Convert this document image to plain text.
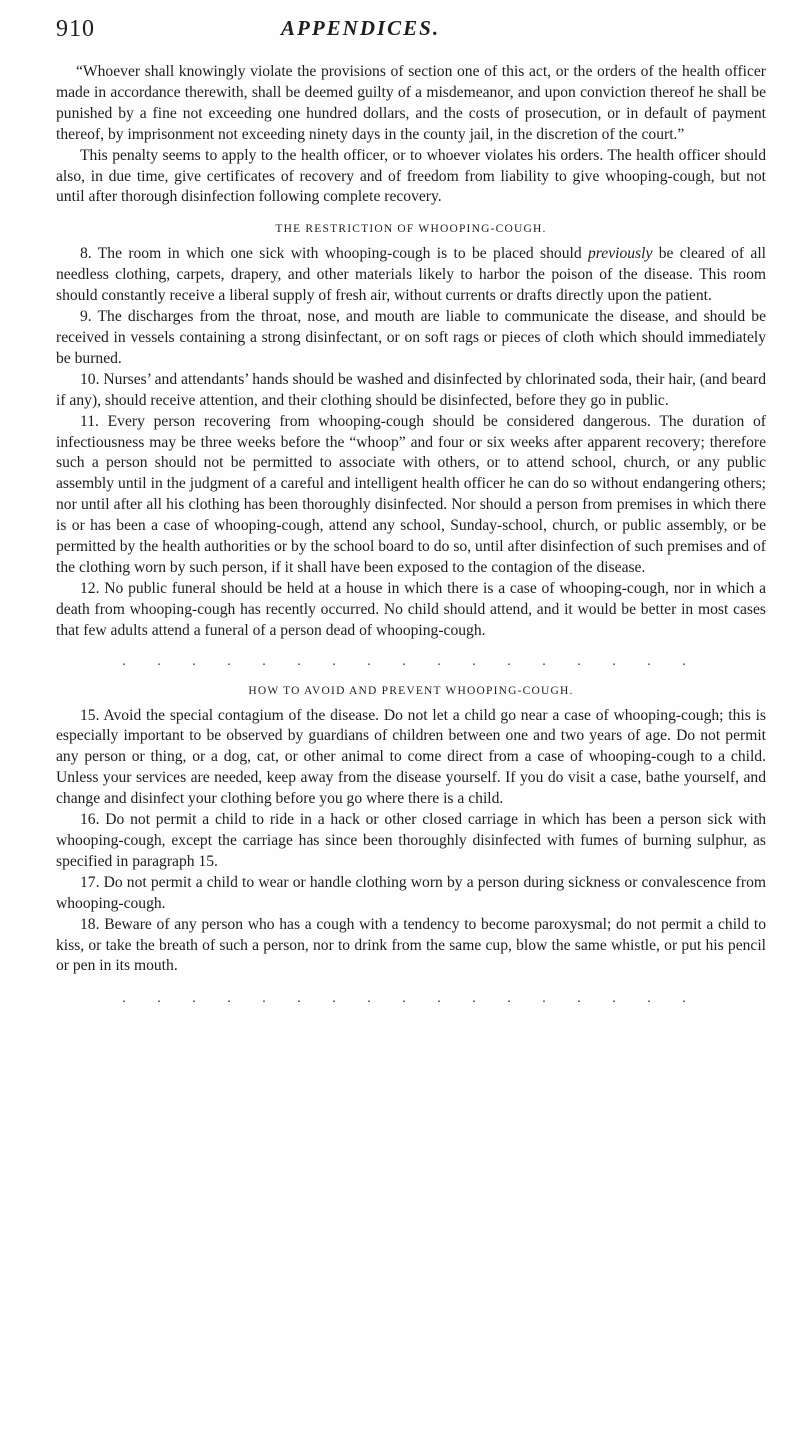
910	APPENDICES.

“Whoever shall knowingly violate the provisions of section one of this act, or the orders of the health officer made in accordance therewith, shall be deemed guilty of a misdemeanor, and upon conviction thereof he shall be punished by a fine not exceeding one hundred dollars, and the costs of prosecution, or in default of payment thereof, by imprisonment not exceeding ninety days in the county jail, in the discretion of the court.”

This penalty seems to apply to the health officer, or to whoever violates his orders. The health officer should also, in due time, give certificates of recovery and of freedom from liability to give whooping-cough, but not until after thorough disinfection following complete recovery.

THE RESTRICTION OF WHOOPING-COUGH.

8. The room in which one sick with whooping-cough is to be placed should previously be cleared of all needless clothing, carpets, drapery, and other materials likely to harbor the poison of the disease. This room should constantly receive a liberal supply of fresh air, without currents or drafts directly upon the patient.

9. The discharges from the throat, nose, and mouth are liable to communicate the disease, and should be received in vessels containing a strong disinfectant, or on soft rags or pieces of cloth which should immediately be burned.

10. Nurses’ and attendants’ hands should be washed and disinfected by chlorinated soda, their hair, (and beard if any), should receive attention, and their clothing should be disinfected, before they go in public.

11. Every person recovering from whooping-cough should be considered dangerous. The duration of infectiousness may be three weeks before the “whoop” and four or six weeks after apparent recovery; therefore such a person should not be permitted to associate with others, or to attend school, church, or any public assembly until in the judgment of a careful and intelligent health officer he can do so without endangering others; nor until after all his clothing has been thoroughly disinfected. Nor should a person from premises in which there is or has been a case of whooping-cough, attend any school, Sunday-school, church, or public assembly, or be permitted by the health authorities or by the school board to do so, until after disinfection of such premises and of the clothing worn by such person, if it shall have been exposed to the contagion of the disease.

12. No public funeral should be held at a house in which there is a case of whooping-cough, nor in which a death from whooping-cough has recently occurred. No child should attend, and it would be better in most cases that few adults attend a funeral of a person dead of whooping-cough.

. . . . . . . . . . . . . . . . .
HOW TO AVOID AND PREVENT WHOOPING-COUGH.

15. Avoid the special contagium of the disease. Do not let a child go near a case of whooping-cough; this is especially important to be observed by guardians of children between one and two years of age. Do not permit any person or thing, or a dog, cat, or other animal to come direct from a case of whooping-cough to a child. Unless your services are needed, keep away from the disease yourself. If you do visit a case, bathe yourself, and change and disinfect your clothing before you go where there is a child.

16. Do not permit a child to ride in a hack or other closed carriage in which has been a person sick with whooping-cough, except the carriage has since been thoroughly disinfected with fumes of burning sulphur, as specified in paragraph 15.

17. Do not permit a child to wear or handle clothing worn by a person during sickness or convalescence from whooping-cough.

18. Beware of any person who has a cough with a tendency to become paroxysmal; do not permit a child to kiss, or take the breath of such a person, nor to drink from the same cup, blow the same whistle, or put his pencil or pen in its mouth.

. . . . . . . . . . . . . . . . .
